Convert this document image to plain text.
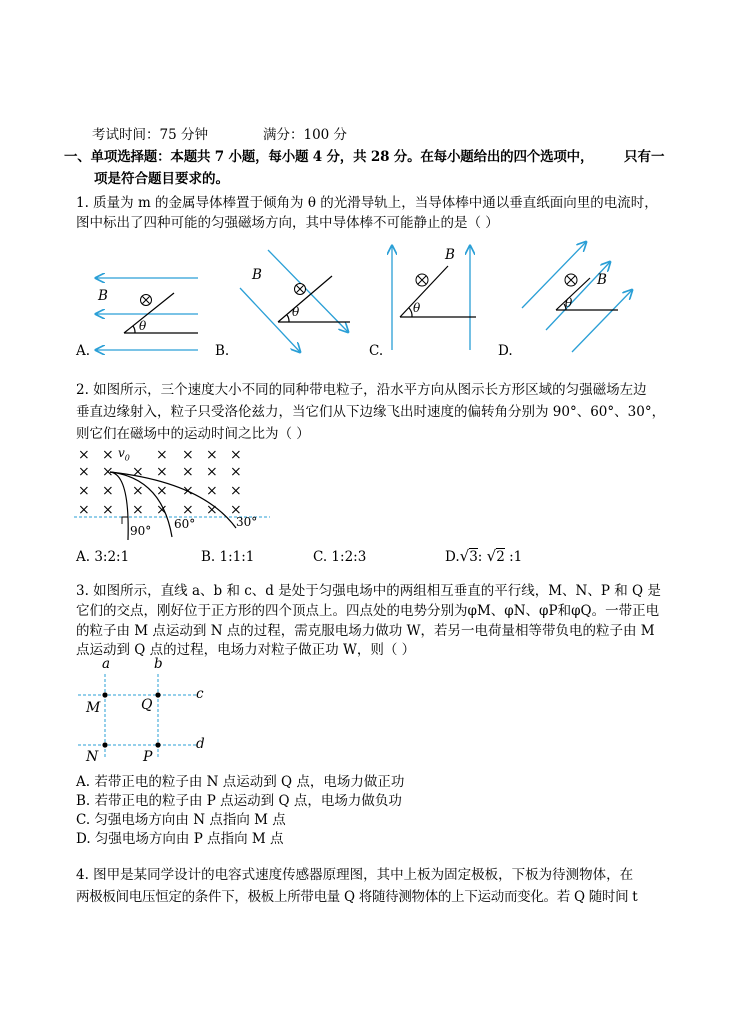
考试时间：75 分钟	满分：100 分
一、单项选择题：本题共 7 小题，每小题 4 分，共 28 分。在每小题给出的四个选项中， 只有一
项是符合题目要求的。
1. 质量为 m 的金属导体棒置于倾角为 θ 的光滑导轨上，当导体棒中通以垂直纸面向里的电流时，
图中标出了四种可能的匀强磁场方向，其中导体棒不可能静止的是（ ）
B
θ
A.
B
θ
B.
B
θ
C.
B
θ
D.
2. 如图所示，三个速度大小不同的同种带电粒子，沿水平方向从图示长方形区域的匀强磁场左边
垂直边缘射入，粒子只受洛伦兹力，当它们从下边缘飞出时速度的偏转角分别为 90°、60°、30°，
则它们在磁场中的运动时间之比为（ ）
× ×	× × × ×
× × × × × × ×
× × × × × × ×
× × × × × × ×
$v_0$
90° 60°	30°
A. 3:2:1	B. 1:1:1	C. 1:2:3	D.√3: √2 :1
3. 如图所示，直线 a、b 和 c、d 是处于匀强电场中的两组相互垂直的平行线，M、N、P 和 Q 是
它们的交点，刚好位于正方形的四个顶点上。四点处的电势分别为φM、φN、φP和φQ。一带正电
的粒子由 M 点运动到 N 点的过程，需克服电场力做功 W，若另一电荷量相等带负电的粒子由 M
点运动到 Q 点的过程，电场力对粒子做正功 W，则（ ）
a	b
c
d
M	Q
N	P
A. 若带正电的粒子由 N 点运动到 Q 点，电场力做正功
B. 若带正电的粒子由 P 点运动到 Q 点，电场力做负功
C. 匀强电场方向由 N 点指向 M 点
D. 匀强电场方向由 P 点指向 M 点
4. 图甲是某同学设计的电容式速度传感器原理图，其中上板为固定极板，下板为待测物体，在
两极板间电压恒定的条件下，极板上所带电量 Q 将随待测物体的上下运动而变化。若 Q 随时间 t
